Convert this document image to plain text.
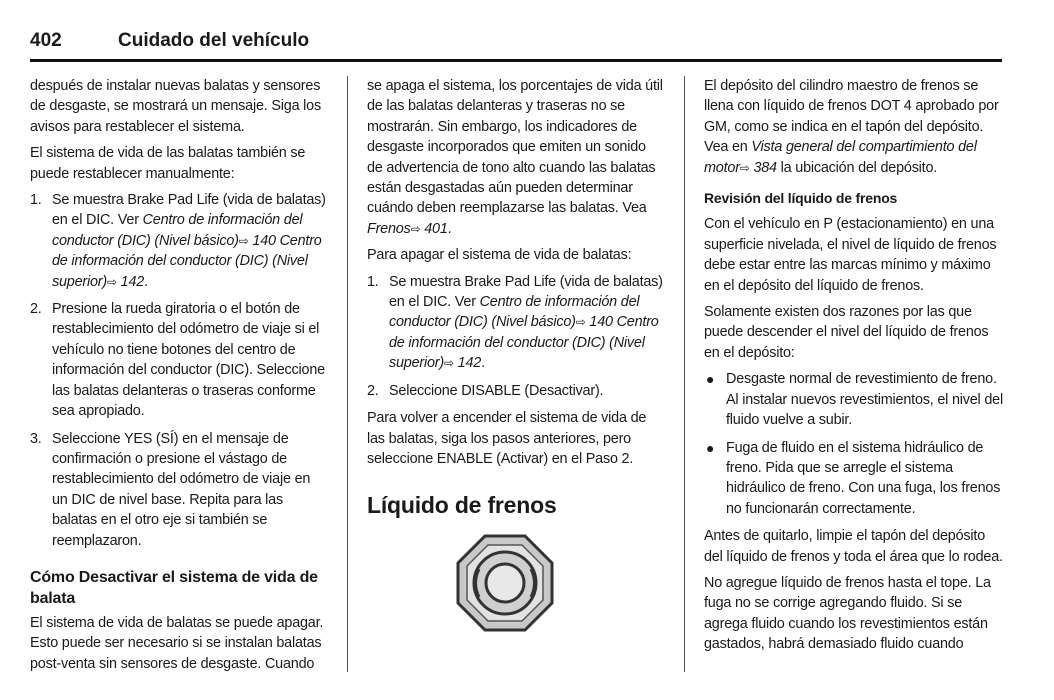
402	Cuidado del vehículo

después de instalar nuevas balatas y sensores de desgaste, se mostrará un mensaje. Siga los avisos para restablecer el sistema.

El sistema de vida de las balatas también se puede restablecer manualmente:

1. Se muestra Brake Pad Life (vida de balatas) en el DIC. Ver Centro de información del conductor (DIC) (Nivel básico)⇨ 140 Centro de información del conductor (DIC) (Nivel superior)⇨ 142.
2. Presione la rueda giratoria o el botón de restablecimiento del odómetro de viaje si el vehículo no tiene botones del centro de información del conductor (DIC). Seleccione las balatas delanteras o traseras conforme sea apropiado.
3. Seleccione YES (SÍ) en el mensaje de confirmación o presione el vástago de restablecimiento del odómetro de viaje en un DIC de nivel base. Repita para las balatas en el otro eje si también se reemplazaron.
Cómo Desactivar el sistema de vida de balata

El sistema de vida de balatas se puede apagar. Esto puede ser necesario si se instalan balatas post-venta sin sensores de desgaste. Cuando

se apaga el sistema, los porcentajes de vida útil de las balatas delanteras y traseras no se mostrarán. Sin embargo, los indicadores de desgaste incorporados que emiten un sonido de advertencia de tono alto cuando las balatas están desgastadas aún pueden determinar cuándo deben reemplazarse las balatas. Vea Frenos⇨ 401.

Para apagar el sistema de vida de balatas:

1. Se muestra Brake Pad Life (vida de balatas) en el DIC. Ver Centro de información del conductor (DIC) (Nivel básico)⇨ 140 Centro de información del conductor (DIC) (Nivel superior)⇨ 142.
2. Seleccione DISABLE (Desactivar).

Para volver a encender el sistema de vida de las balatas, siga los pasos anteriores, pero seleccione ENABLE (Activar) en el Paso 2.

Líquido de frenos

El depósito del cilindro maestro de frenos se llena con líquido de frenos DOT 4 aprobado por GM, como se indica en el tapón del depósito. Vea en Vista general del compartimiento del motor⇨ 384 la ubicación del depósito.

Revisión del líquido de frenos

Con el vehículo en P (estacionamiento) en una superficie nivelada, el nivel de líquido de frenos debe estar entre las marcas mínimo y máximo en el depósito del líquido de frenos.

Solamente existen dos razones por las que puede descender el nivel del líquido de frenos en el depósito:

● Desgaste normal de revestimiento de freno. Al instalar nuevos revestimientos, el nivel del fluido vuelve a subir.
● Fuga de fluido en el sistema hidráulico de freno. Pida que se arregle el sistema hidráulico de freno. Con una fuga, los frenos no funcionarán correctamente.

Antes de quitarlo, limpie el tapón del depósito del líquido de frenos y toda el área que lo rodea.

No agregue líquido de frenos hasta el tope. La fuga no se corrige agregando fluido. Si se agrega fluido cuando los revestimientos están gastados, habrá demasiado fluido cuando
